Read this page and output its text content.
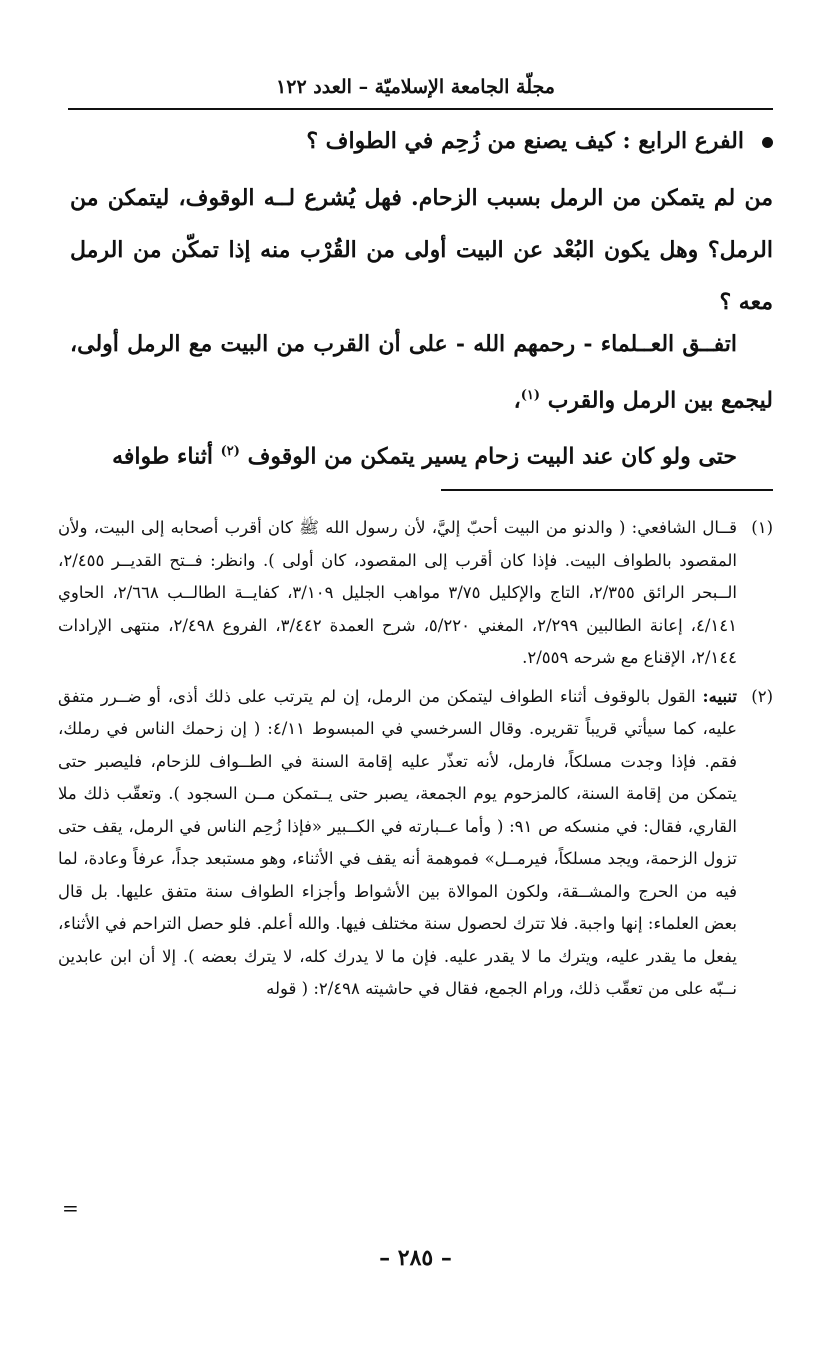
مجلّة الجامعة الإسلاميّة – العدد ١٢٢
الفرع الرابع : كيف يصنع من زُحِم في الطواف ؟

من لم يتمكن من الرمل بسبب الزحام. فهل يُشرع لــه الوقوف، ليتمكن من الرمل؟ وهل يكون البُعْد عن البيت أولى من القُرْب منه إذا تمكّن من الرمل معه ؟

اتفــق العــلماء - رحمهم الله - على أن القرب من البيت مع الرمل أولى، ليجمع بين الرمل والقرب $^{(١)}$،

حتى ولو كان عند البيت زحام يسير يتمكن من الوقوف $^{(٢)}$ أثناء طوافه

(١)
قــال الشافعي: ( والدنو من البيت أحبّ إليَّ، لأن رسول الله ﷺ كان أقرب أصحابه إلى البيت، ولأن المقصود بالطواف البيت. فإذا كان أقرب إلى المقصود، كان أولى ). وانظر: فــتح القديــر ٢/٤٥٥، الــبحر الرائق ٢/٣٥٥، التاج والإكليل ٣/٧٥ مواهب الجليل ٣/١٠٩، كفايــة الطالــب ٢/٦٦٨، الحاوي ٤/١٤١، إعانة الطالبين ٢/٢٩٩، المغني ٥/٢٢٠، شرح العمدة ٣/٤٤٢، الفروع ٢/٤٩٨، منتهى الإرادات ٢/١٤٤، الإقناع مع شرحه ٢/٥٥٩.
(٢)
تنبيه: القول بالوقوف أثناء الطواف ليتمكن من الرمل، إن لم يترتب على ذلك أذى، أو ضــرر متفق عليه، كما سيأتي قريباً تقريره. وقال السرخسي في المبسوط ٤/١١: ( إن زحمك الناس في رملك، فقم. فإذا وجدت مسلكاً، فارمل، لأنه تعذّر عليه إقامة السنة في الطــواف للزحام، فليصبر حتى يتمكن من إقامة السنة، كالمزحوم يوم الجمعة، يصبر حتى يــتمكن مــن السجود ). وتعقّب ذلك ملا القاري، فقال: في منسكه ص ٩١: ( وأما عــبارته في الكــبير «فإذا زُحِم الناس في الرمل، يقف حتى تزول الزحمة، ويجد مسلكاً، فيرمــل» فموهمة أنه يقف في الأثناء، وهو مستبعد جداً، عرفاً وعادة، لما فيه من الحرج والمشــقة، ولكون الموالاة بين الأشواط وأجزاء الطواف سنة متفق عليها. بل قال بعض العلماء: إنها واجبة. فلا تترك لحصول سنة مختلف فيها. والله أعلم. فلو حصل التراحم في الأثناء، يفعل ما يقدر عليه، ويترك ما لا يقدر عليه. فإن ما لا يدرك كله، لا يترك بعضه ). إلا أن ابن عابدين نــبّه على من تعقّب ذلك، ورام الجمع، فقال في حاشيته ٢/٤٩٨: ( قوله
=
– ٢٨٥ –
